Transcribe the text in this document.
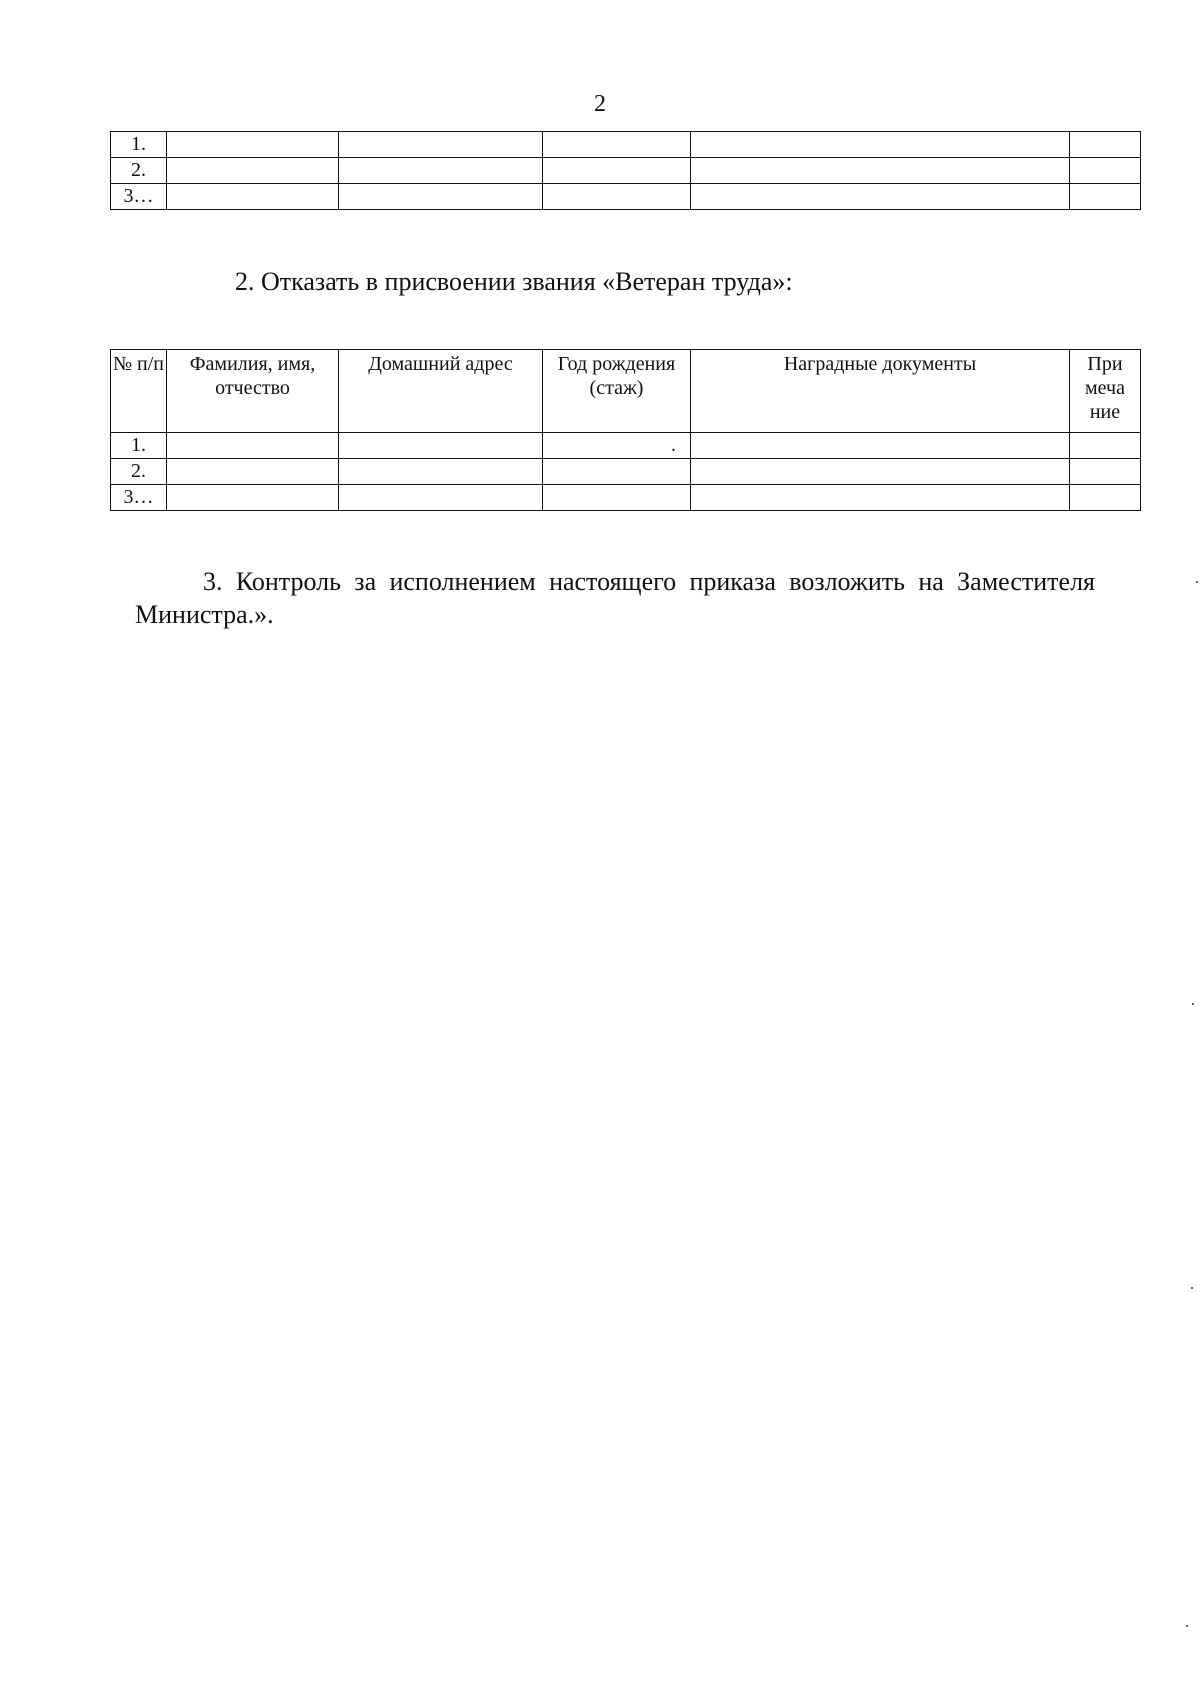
2
1.					
2.					
3…					
2. Отказать в присвоении звания «Ветеран труда»:
№ п/п	Фамилия, имя, отчество	Домашний адрес	Год рождения (стаж)	Наградные документы	При меча ние
1.			.		
2.					
3…					
3. Контроль за исполнением настоящего приказа возложить на Заместителя Министра.».
